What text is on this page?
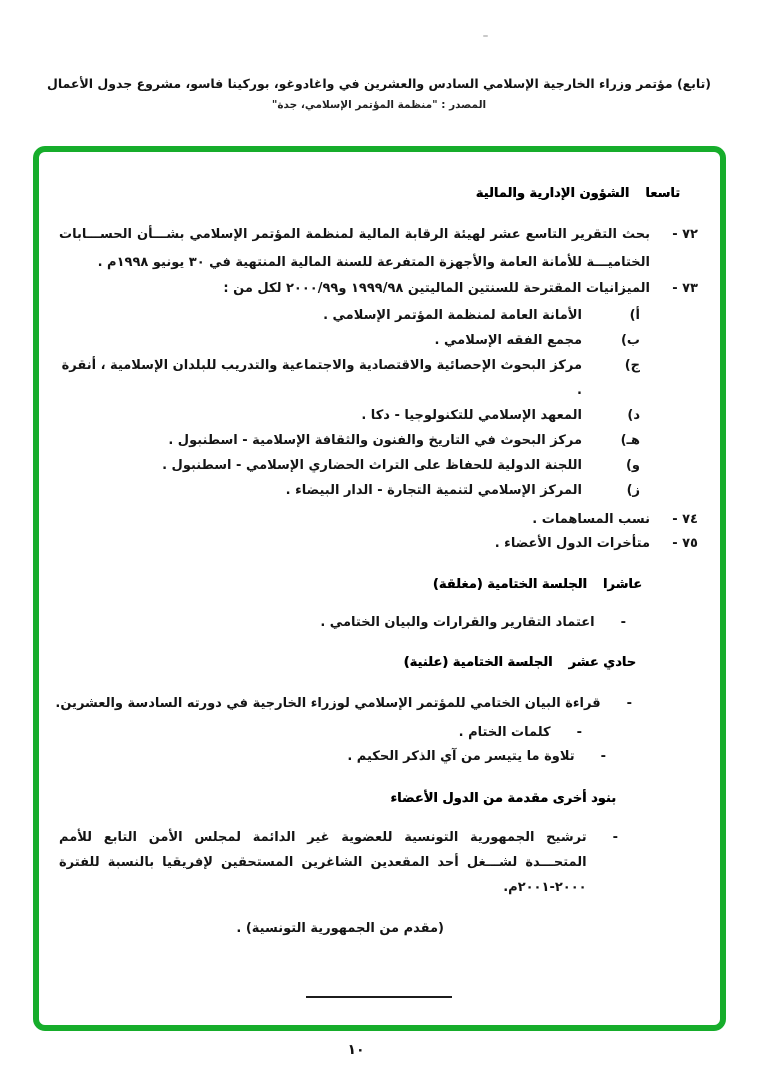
(تابع) مؤتمر وزراء الخارجية الإسلامي السادس والعشرين في واغادوغو، بوركينا فاسو، مشروع جدول الأعمال
المصدر : "منظمة المؤتمر الإسلامي، جدة"
تاسعا
الشؤون الإدارية والمالية
٧٢ -
بحث التقرير التاسع عشر لهيئة الرقابة المالية لمنظمة المؤتمر الإسلامي بشـــأن الحســـابات الختاميـــة للأمانة العامة والأجهزة المتفرعة للسنة المالية المنتهية في ٣٠ يونيو ١٩٩٨م .
٧٣ -
الميزانيات المقترحة للسنتين الماليتين ١٩٩٩/٩٨ و٢٠٠٠/٩٩ لكل من :
أ)
الأمانة العامة لمنظمة المؤتمر الإسلامي .
ب)
مجمع الفقه الإسلامي .
ج)
مركز البحوث الإحصائية والاقتصادية والاجتماعية والتدريب للبلدان الإسلامية ، أنقرة .
د)
المعهد الإسلامي للتكنولوجيا - دكا .
هـ)
مركز البحوث في التاريخ والفنون والثقافة الإسلامية - اسطنبول .
و)
اللجنة الدولية للحفاظ على التراث الحضاري الإسلامي - اسطنبول .
ز)
المركز الإسلامي لتنمية التجارة - الدار البيضاء .
٧٤ -
نسب المساهمات .
٧٥ -
متأخرات الدول الأعضاء .
عاشرا
الجلسة الختامية (مغلقة)
-
اعتماد التقارير والقرارات والبيان الختامي .
حادي عشر
الجلسة الختامية (علنية)
-
قراءة البيان الختامي للمؤتمر الإسلامي لوزراء الخارجية في دورته السادسة والعشرين.
-
كلمات الختام .
-
تلاوة ما يتيسر من آي الذكر الحكيم .
بنود أخرى مقدمة من الدول الأعضاء
-
ترشيح الجمهورية التونسية للعضوية غير الدائمة لمجلس الأمن التابع للأمم المتحـــدة لشـــغل أحد المقعدين الشاغرين المستحقين لإفريقيا بالنسبة للفترة ٢٠٠٠-٢٠٠١م.
(مقدم من الجمهورية التونسية) .
١٠
